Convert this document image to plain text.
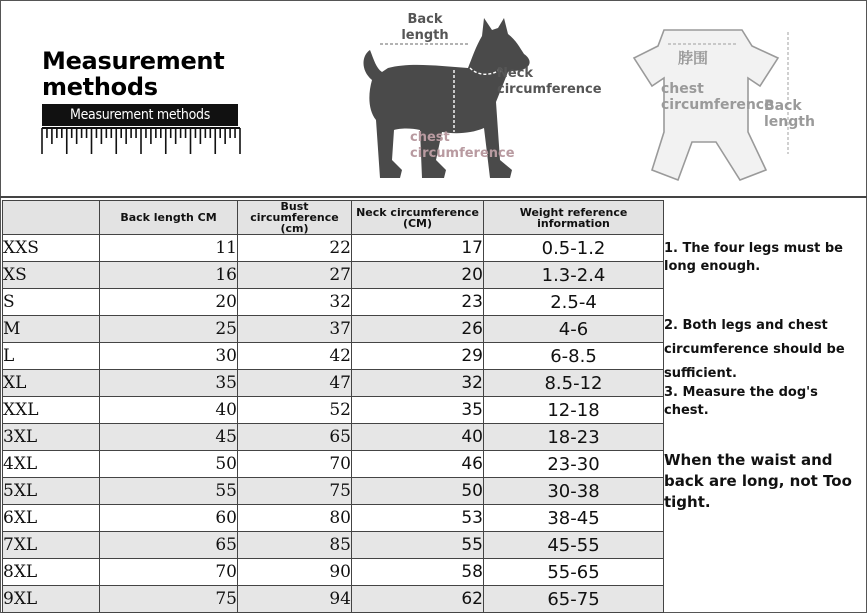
Measurement
methods
Measurement methods
Back length
Neck circumference
chest circumference
脖围
chest circumference
Back length
	Back length CM	Bust circumference (cm)	Neck circumference (CM)	Weight reference information
XXS	11	22	17	0.5-1.2
XS	16	27	20	1.3-2.4
S	20	32	23	2.5-4
M	25	37	26	4-6
L	30	42	29	6-8.5
XL	35	47	32	8.5-12
XXL	40	52	35	12-18
3XL	45	65	40	18-23
4XL	50	70	46	23-30
5XL	55	75	50	30-38
6XL	60	80	53	38-45
7XL	65	85	55	45-55
8XL	70	90	58	55-65
9XL	75	94	62	65-75
1. The four legs must be long enough.
2. Both legs and chest circumference should be sufficient.
3. Measure the dog's chest.
When the waist and back are long, not Too tight.
